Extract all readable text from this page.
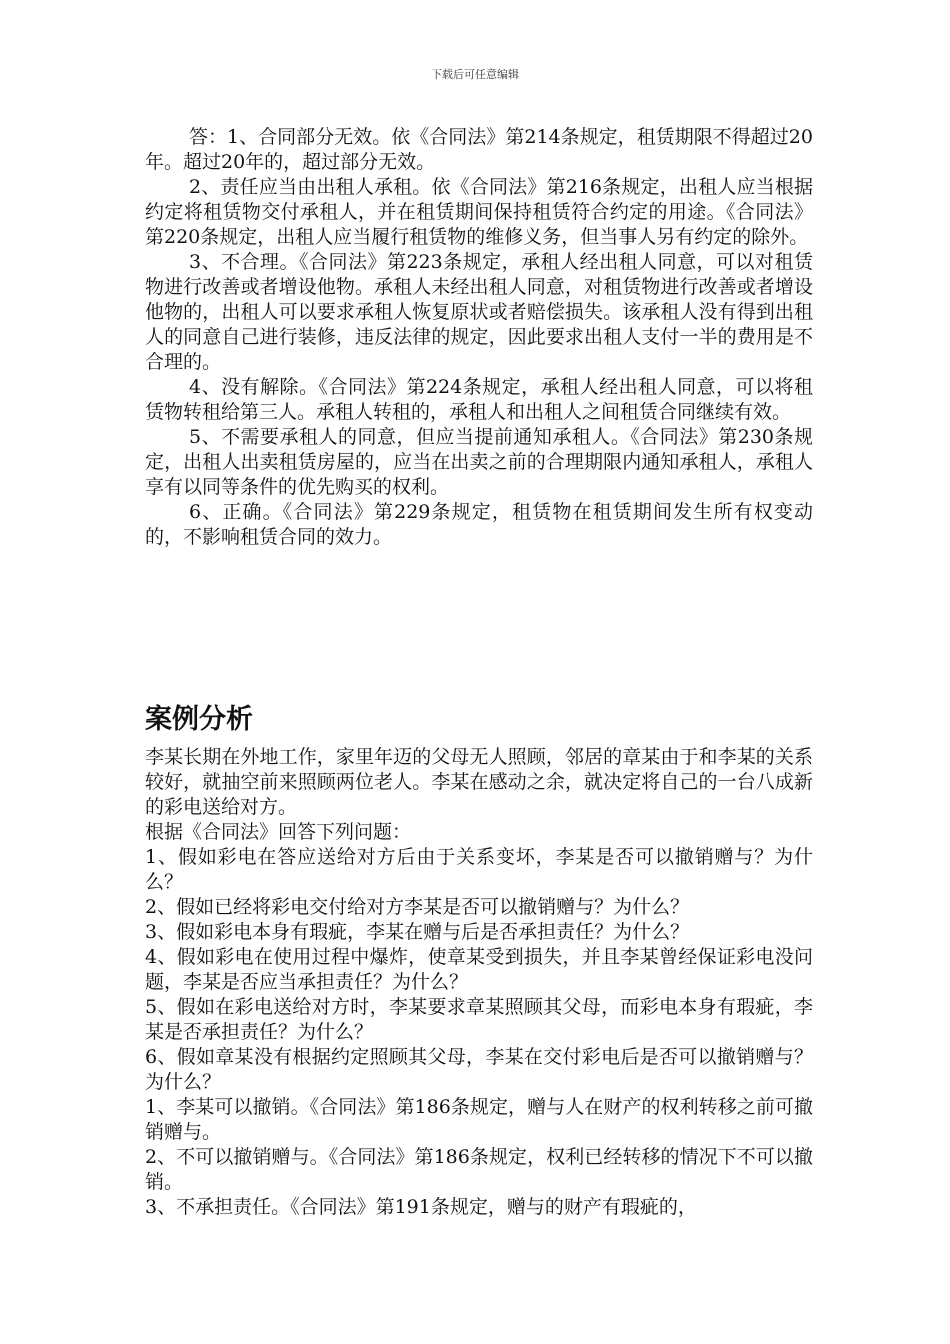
下载后可任意编辑

答：1、合同部分无效。依《合同法》第214条规定，租赁期限不得超过20年。超过20年的，超过部分无效。

2、责任应当由出租人承租。依《合同法》第216条规定，出租人应当根据约定将租赁物交付承租人，并在租赁期间保持租赁符合约定的用途。《合同法》第220条规定，出租人应当履行租赁物的维修义务，但当事人另有约定的除外。

3、不合理。《合同法》第223条规定，承租人经出租人同意，可以对租赁物进行改善或者增设他物。承租人未经出租人同意，对租赁物进行改善或者增设他物的，出租人可以要求承租人恢复原状或者赔偿损失。该承租人没有得到出租人的同意自己进行装修，违反法律的规定，因此要求出租人支付一半的费用是不合理的。

4、没有解除。《合同法》第224条规定，承租人经出租人同意，可以将租赁物转租给第三人。承租人转租的，承租人和出租人之间租赁合同继续有效。

5、不需要承租人的同意，但应当提前通知承租人。《合同法》第230条规定，出租人出卖租赁房屋的，应当在出卖之前的合理期限内通知承租人，承租人享有以同等条件的优先购买的权利。

6、正确。《合同法》第229条规定，租赁物在租赁期间发生所有权变动的，不影响租赁合同的效力。

案例分析

李某长期在外地工作，家里年迈的父母无人照顾，邻居的章某由于和李某的关系较好，就抽空前来照顾两位老人。李某在感动之余，就决定将自己的一台八成新的彩电送给对方。

根据《合同法》回答下列问题：

1、假如彩电在答应送给对方后由于关系变坏，李某是否可以撤销赠与？为什么？

2、假如已经将彩电交付给对方李某是否可以撤销赠与？为什么？

3、假如彩电本身有瑕疵，李某在赠与后是否承担责任？为什么？

4、假如彩电在使用过程中爆炸，使章某受到损失，并且李某曾经保证彩电没问题，李某是否应当承担责任？为什么？

5、假如在彩电送给对方时，李某要求章某照顾其父母，而彩电本身有瑕疵，李某是否承担责任？为什么？

6、假如章某没有根据约定照顾其父母，李某在交付彩电后是否可以撤销赠与？为什么？

1、李某可以撤销。《合同法》第186条规定，赠与人在财产的权利转移之前可撤销赠与。

2、不可以撤销赠与。《合同法》第186条规定，权利已经转移的情况下不可以撤销。

3、不承担责任。《合同法》第191条规定，赠与的财产有瑕疵的，
